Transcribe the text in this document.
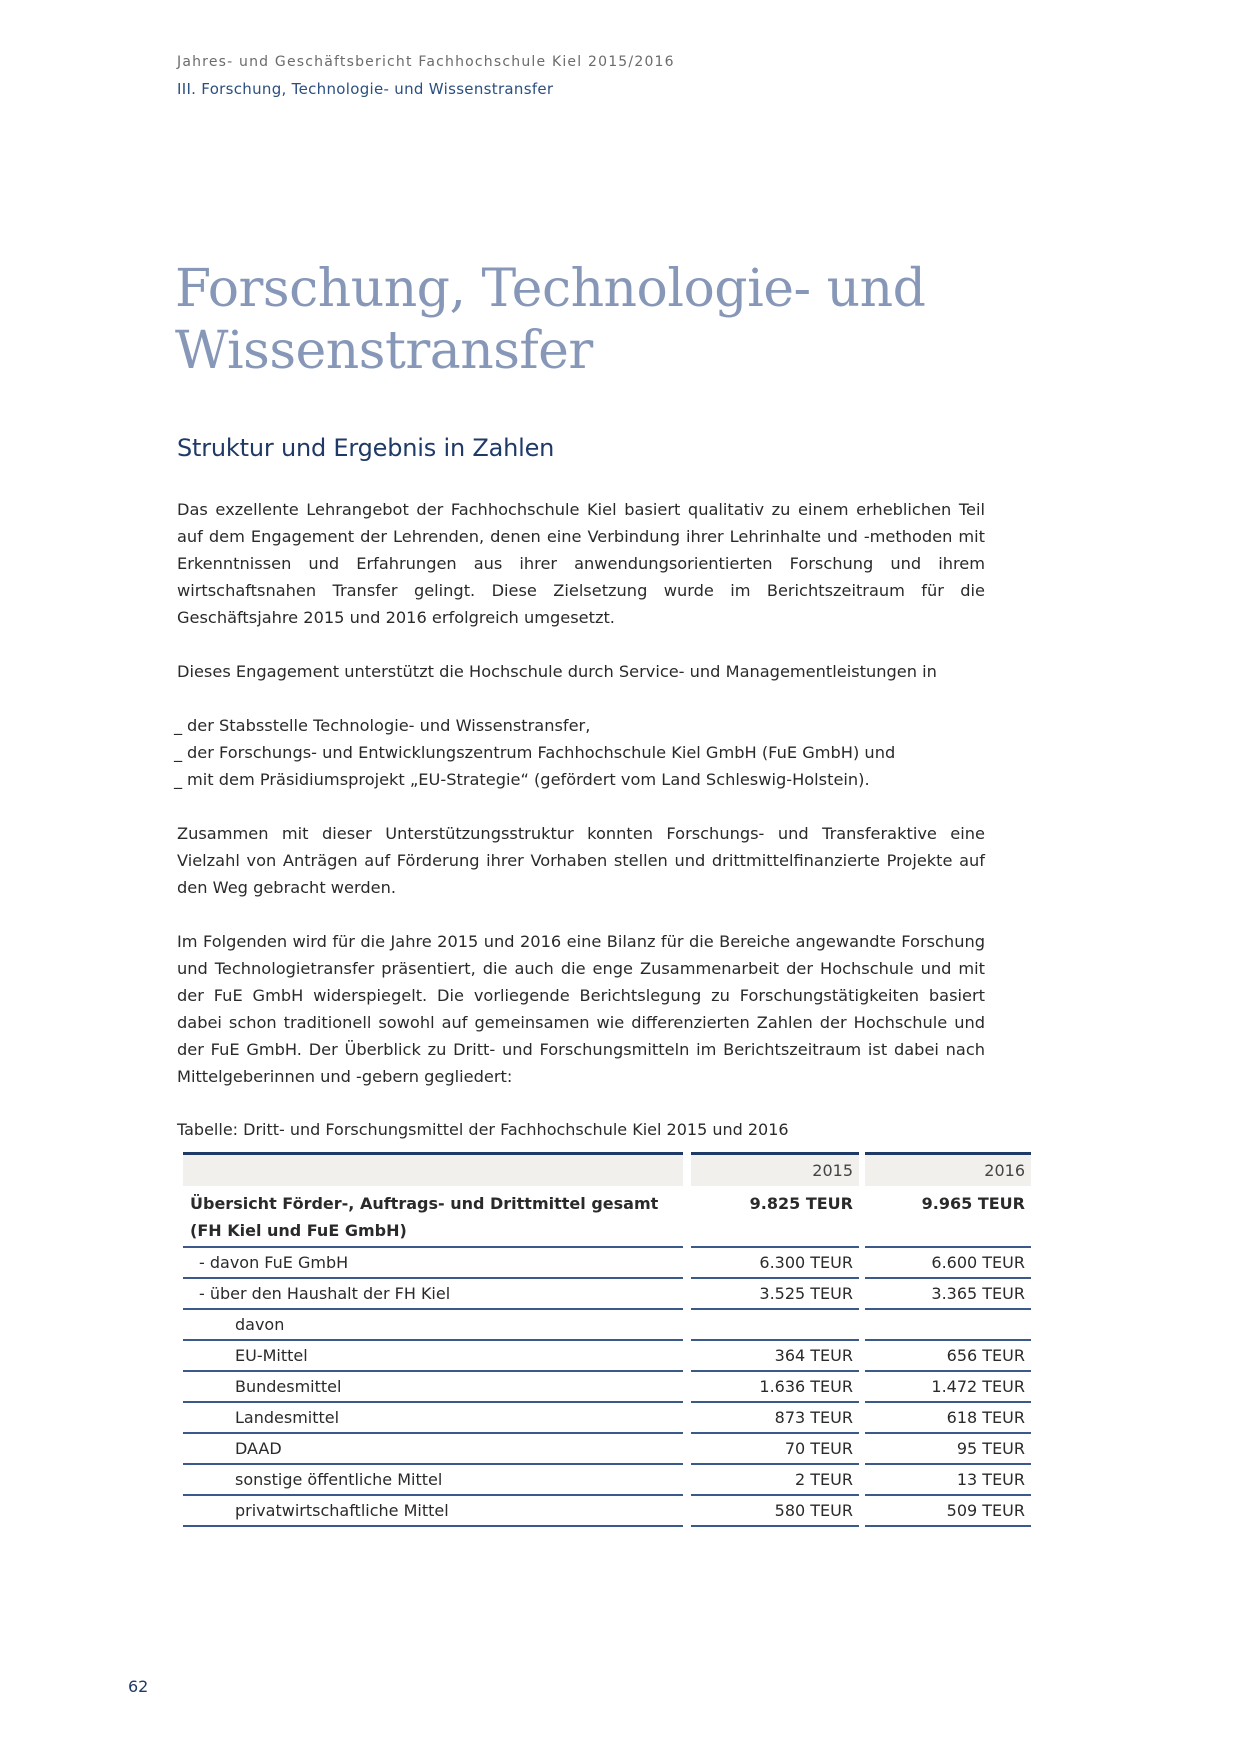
Jahres- und Geschäftsbericht Fachhochschule Kiel 2015/2016
III. Forschung, Technologie- und Wissenstransfer
Forschung, Technologie- und
Wissenstransfer
Struktur und Ergebnis in Zahlen

Das exzellente Lehrangebot der Fachhochschule Kiel basiert qualitativ zu einem erheblichen Teil auf dem Engagement der Lehrenden, denen eine Verbindung ihrer Lehrinhalte und -methoden mit Erkenntnissen und Erfahrungen aus ihrer anwendungsorientierten Forschung und ihrem wirtschaftsnahen Transfer gelingt. Diese Zielsetzung wurde im Berichtszeitraum für die Geschäftsjahre 2015 und 2016 erfolgreich umgesetzt.

Dieses Engagement unterstützt die Hochschule durch Service- und Managementleistungen in

_ der Stabsstelle Technologie- und Wissenstransfer,
_ der Forschungs- und Entwicklungszentrum Fachhochschule Kiel GmbH (FuE GmbH) und
_ mit dem Präsidiumsprojekt „EU-Strategie“ (gefördert vom Land Schleswig-Holstein).

Zusammen mit dieser Unterstützungsstruktur konnten Forschungs- und Transferaktive eine Vielzahl von Anträgen auf Förderung ihrer Vorhaben stellen und drittmittelfinanzierte Projekte auf den Weg gebracht werden.

Im Folgenden wird für die Jahre 2015 und 2016 eine Bilanz für die Bereiche angewandte Forschung und Technologietransfer präsentiert, die auch die enge Zusammenarbeit der Hochschule und mit der FuE GmbH widerspiegelt. Die vorliegende Berichtslegung zu Forschungstätigkeiten basiert dabei schon traditionell sowohl auf gemeinsamen wie differenzierten Zahlen der Hochschule und der FuE GmbH. Der Überblick zu Dritt- und Forschungsmitteln im Berichtszeitraum ist dabei nach Mittelgeberinnen und -gebern gegliedert:

Tabelle: Dritt- und Forschungsmittel der Fachhochschule Kiel 2015 und 2016

		2015		2016
Übersicht Förder-, Auftrags- und Drittmittel gesamt
(FH Kiel und FuE GmbH)		9.825 TEUR		9.965 TEUR
- davon FuE GmbH		6.300 TEUR		6.600 TEUR
- über den Haushalt der FH Kiel		3.525 TEUR		3.365 TEUR
davon				
EU-Mittel		364 TEUR		656 TEUR
Bundesmittel		1.636 TEUR		1.472 TEUR
Landesmittel		873 TEUR		618 TEUR
DAAD		70 TEUR		95 TEUR
sonstige öffentliche Mittel		2 TEUR		13 TEUR
privatwirtschaftliche Mittel		580 TEUR		509 TEUR
62
